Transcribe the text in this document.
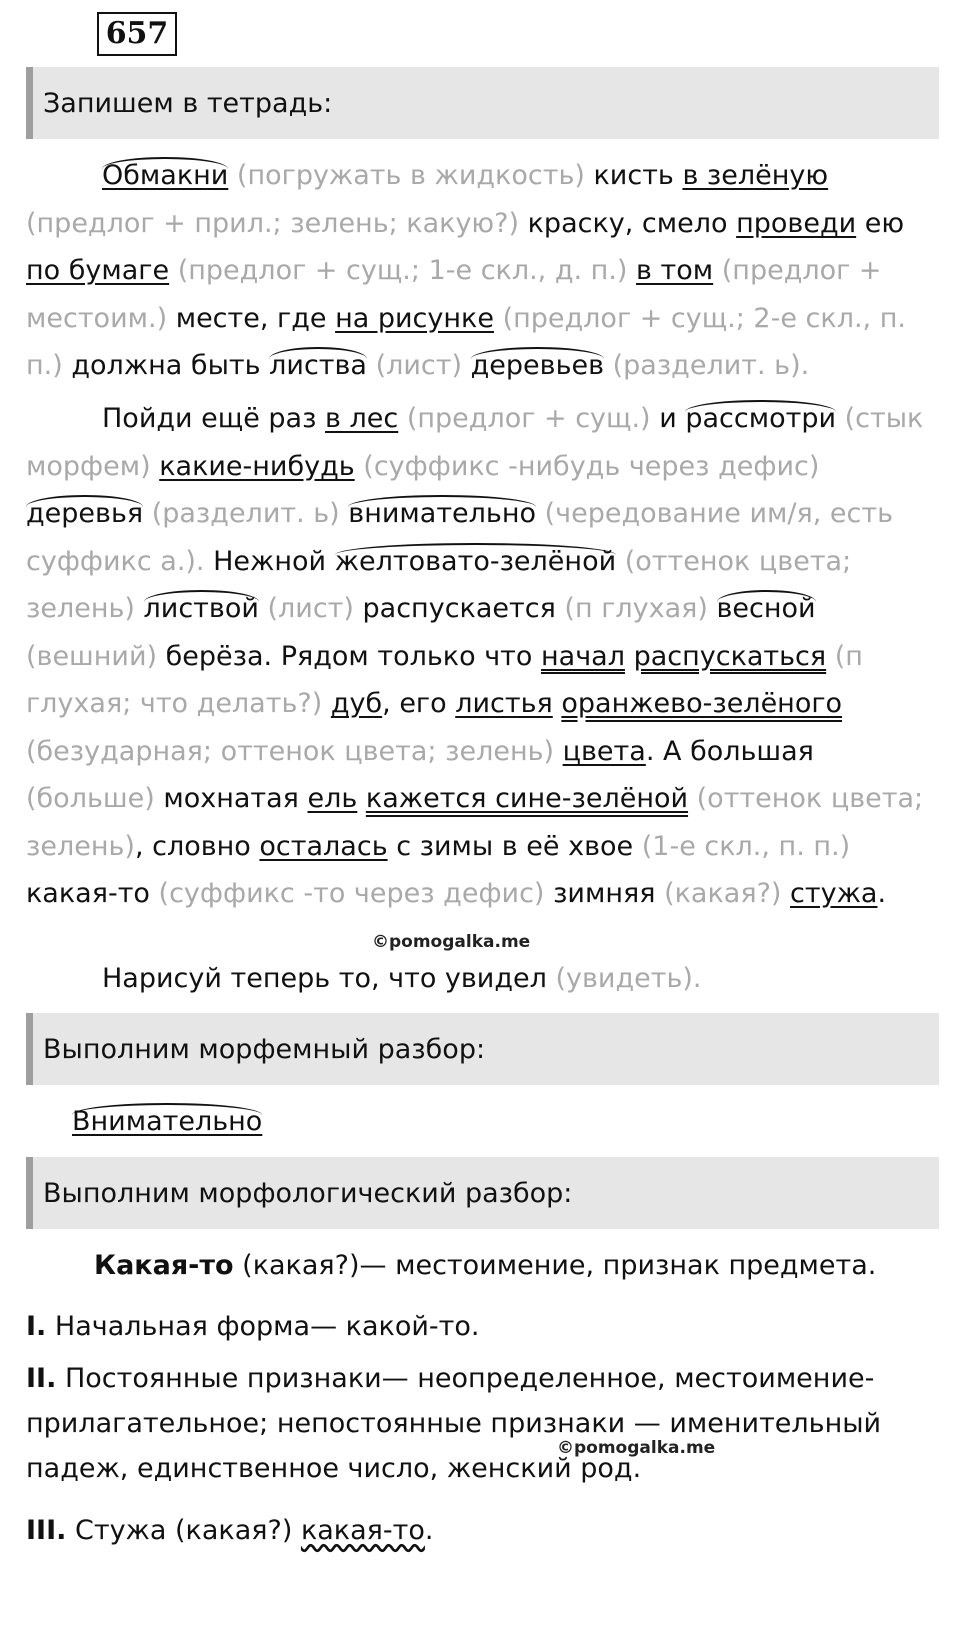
657
Запишем в тетрадь:
Обмакни (погружать в жидкость) кисть в зелёную (предлог + прил.; зелень; какую?) краску, смело проведи ею по бумаге (предлог + сущ.; 1-е скл., д. п.) в том (предлог + местоим.) месте, где на рисунке (предлог + сущ.; 2-е скл., п. п.) должна быть листва (лист) деревьев (разделит. ь).
Пойди ещё раз в лес (предлог + сущ.) и рассмотри (стык морфем) какие-нибудь (суффикс -нибудь через дефис) деревья (разделит. ь) внимательно (чередование им/я, есть суффикс а.). Нежной желтовато-зелёной (оттенок цвета; зелень) листвой (лист) распускается (п глухая) весной (вешний) берёза. Рядом только что начал распускаться (п глухая; что делать?) дуб, его листья оранжево-зелёного (безударная; оттенок цвета; зелень) цвета. А большая (больше) мохнатая ель кажется сине-зелёной (оттенок цвета; зелень), словно осталась с зимы в её хвое (1-е скл., п. п.) какая-то (суффикс -то через дефис) зимняя (какая?) стужа.
©pomogalka.me
Нарисуй теперь то, что увидел (увидеть).
Выполним морфемный разбор:
Внимательно
Выполним морфологический разбор:
Какая-то (какая?)— местоимение, признак предмета.
I. Начальная форма— какой-то.
II. Постоянные признаки— неопределенное, местоимение-прилагательное; непостоянные признаки — именительный падеж, единственное число, женский род.
©pomogalka.me
III. Стужа (какая?) какая-то.
